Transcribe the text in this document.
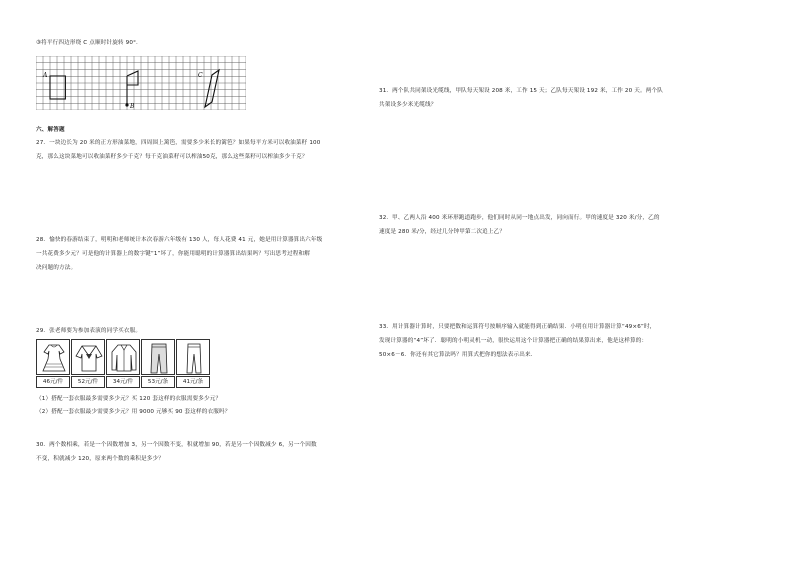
③将平行四边形绕 C 点顺时针旋转 90°.
A
B
C
六、解答题
27．一块边长为 20 米的正方形油菜地，四周围上篱笆，需要多少米长的篱笆？如果每平方米可以收油菜籽 100
克，那么这块菜地可以收油菜籽多少千克？每千克油菜籽可以榨油50克，那么这些菜籽可以榨油多少千克？
28．愉快的春游结束了，明明和老师统计本次春游六年级有 130 人，每人花费 41 元，她是用计算器算出六年级
一共花费多少元？可是他的计算器上的数字键“1”坏了，你能用聪明的计算器算出结果吗？写出思考过程和解
决问题的方法。
29．张老师要为参加表演的同学买衣服。
46元/件	52元/件	34元/件	53元/条	41元/条
（1）搭配一套衣服最多需要多少元？买 120 套这样的衣服需要多少元？
（2）搭配一套衣服最少需要多少元？用 9000 元够买 90 套这样的衣服吗？
30．两个数相乘，若是一个因数增加 3，另一个因数不变，积就增加 90，若是另一个因数减少 6，另一个因数
不变，积就减少 120，原来两个数的乘积是多少？
31．两个队共同架设光缆线，甲队每天架设 208 米，工作 15 天；乙队每天架设 192 米，工作 20 天。两个队
共架设多少米光缆线？
32．甲、乙两人沿 400 米环形跑道跑步，他们同时从同一地点出发，同向而行。甲的速度是 320 米/分，乙的
速度是 280 米/分，经过几分钟甲第二次追上乙？
33．用计算器计算时，只要把数和运算符号按顺序输入就能得到正确结果．小明在用计算器计算“49×6”时，
发现计算器的“4”坏了．聪明的小明灵机一动，很快运用这个计算器把正确的结果算出来，他是这样算的：
50×6－6．你还有其它算法吗？用算式把你的想法表示出来．
